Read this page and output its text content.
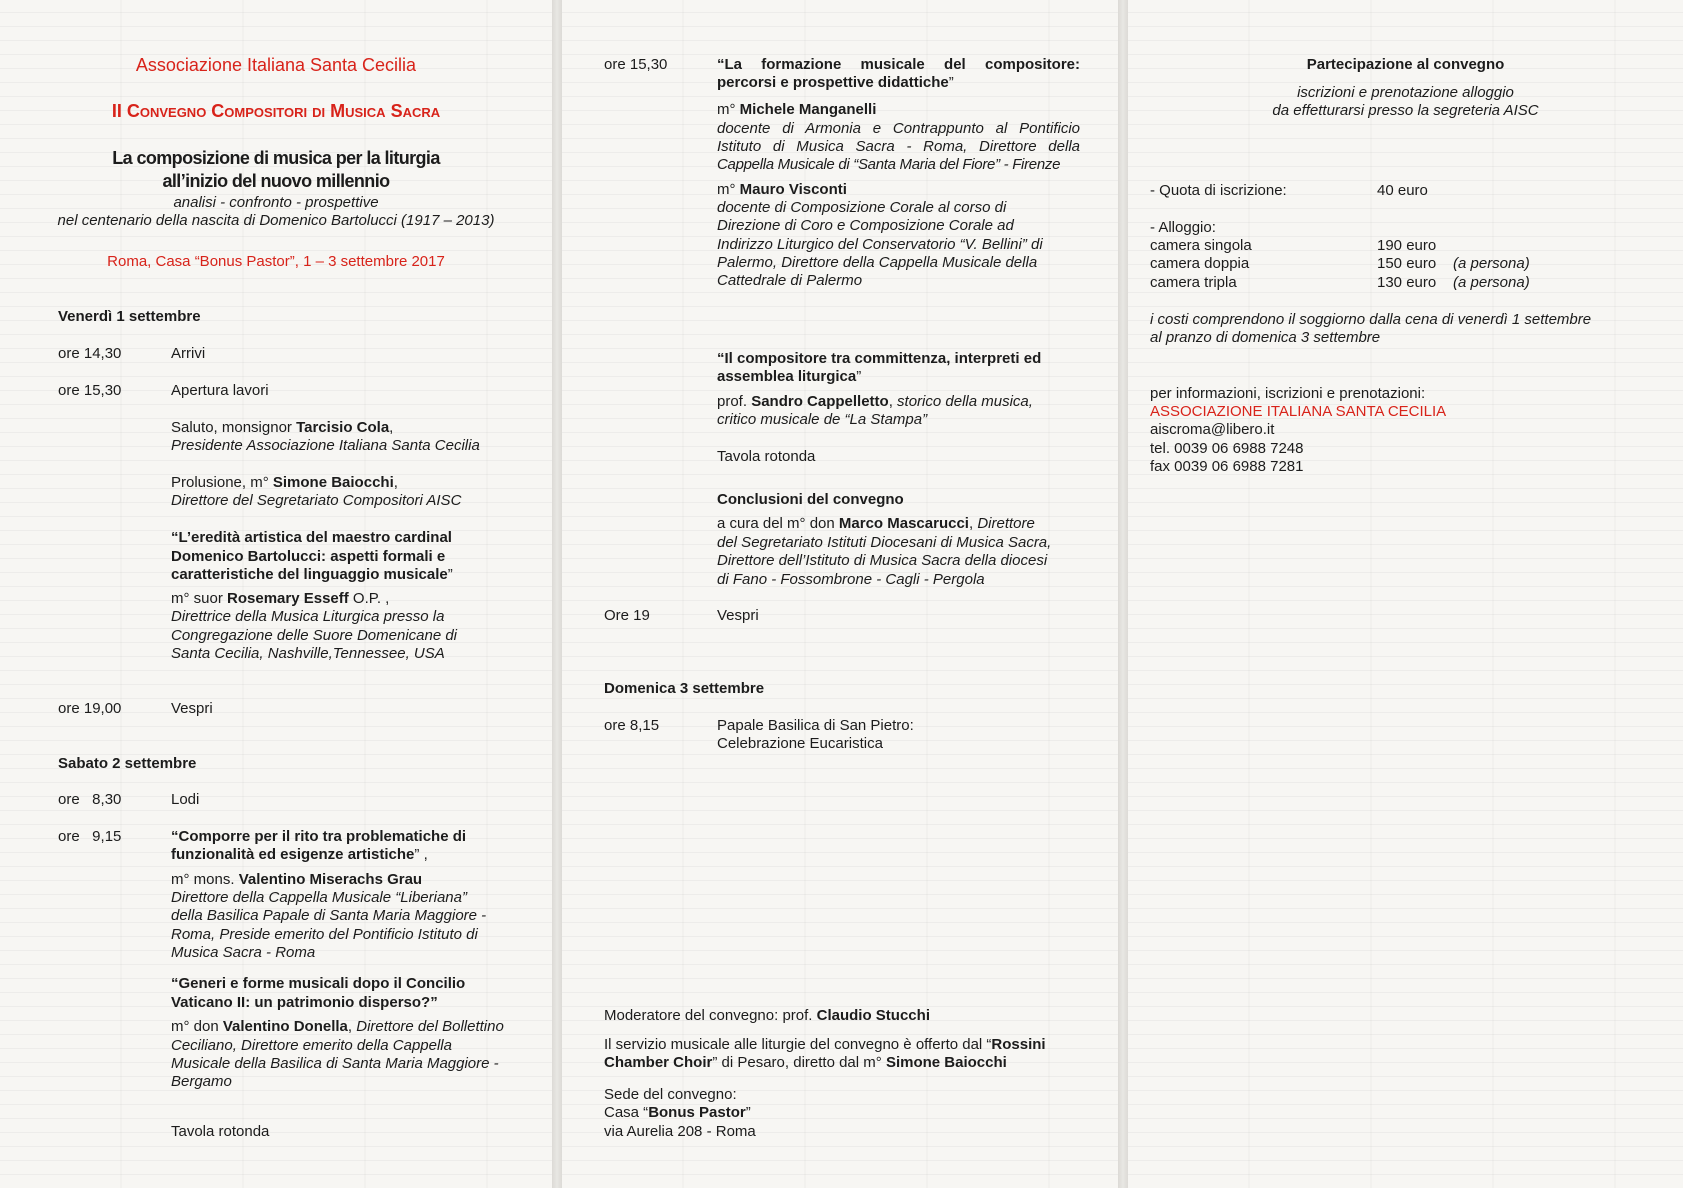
Associazione Italiana Santa Cecilia
II Convegno Compositori di Musica Sacra
La composizione di musica per la liturgia
all’inizio del nuovo millennio
analisi - confronto - prospettive
nel centenario della nascita di Domenico Bartolucci (1917 – 2013)
Roma, Casa “Bonus Pastor”, 1 – 3 settembre 2017
Venerdì 1 settembre
ore 14,30	Arrivi
ore 15,30	Apertura lavori
Saluto, monsignor Tarcisio Cola,
Presidente Associazione Italiana Santa Cecilia
Prolusione, m° Simone Baiocchi,
Direttore del Segretariato Compositori AISC
“L’eredità artistica del maestro cardinal
Domenico Bartolucci: aspetti formali e
caratteristiche del linguaggio musicale”
m° suor Rosemary Esseff O.P. ,
Direttrice della Musica Liturgica presso la
Congregazione delle Suore Domenicane di
Santa Cecilia, Nashville,Tennessee, USA
ore 19,00	Vespri
Sabato 2 settembre
ore   8,30	Lodi
ore   9,15	“Comporre per il rito tra problematiche di
funzionalità ed esigenze artistiche” ,
m° mons. Valentino Miserachs Grau
Direttore della Cappella Musicale “Liberiana”
della Basilica Papale di Santa Maria Maggiore -
Roma, Preside emerito del Pontificio Istituto di
Musica Sacra - Roma
“Generi e forme musicali dopo il Concilio
Vaticano II: un patrimonio disperso?”
m° don Valentino Donella, Direttore del Bollettino
Ceciliano, Direttore emerito della Cappella
Musicale della Basilica di Santa Maria Maggiore -
Bergamo
Tavola rotonda
ore 15,30	“La formazione musicale del compositore:
percorsi e prospettive didattiche”
m° Michele Manganelli
docente di Armonia e Contrappunto al Pontificio
Istituto di Musica Sacra - Roma, Direttore della
Cappella Musicale di “Santa Maria del Fiore” - Firenze
m° Mauro Visconti
docente di Composizione Corale al corso di
Direzione di Coro e Composizione Corale ad
Indirizzo Liturgico del Conservatorio “V. Bellini” di
Palermo, Direttore della Cappella Musicale della
Cattedrale di Palermo
“Il compositore tra committenza, interpreti ed
assemblea liturgica”
prof. Sandro Cappelletto, storico della musica,
critico musicale de “La Stampa”
Tavola rotonda
Conclusioni del convegno
a cura del m° don Marco Mascarucci, Direttore
del Segretariato Istituti Diocesani di Musica Sacra,
Direttore dell’Istituto di Musica Sacra della diocesi
di Fano - Fossombrone - Cagli - Pergola
Ore 19	Vespri
Domenica 3 settembre
ore 8,15	Papale Basilica di San Pietro:
Celebrazione Eucaristica
Moderatore del convegno: prof. Claudio Stucchi
Il servizio musicale alle liturgie del convegno è offerto dal “Rossini
Chamber Choir” di Pesaro, diretto dal m° Simone Baiocchi
Sede del convegno:
Casa “Bonus Pastor”
via Aurelia 208 - Roma
Partecipazione al convegno
iscrizioni e prenotazione alloggio
da effetturarsi presso la segreteria AISC
- Quota di iscrizione:	40 euro
- Alloggio:
camera singola	190 euro
camera doppia	150 euro (a persona)
camera tripla	130 euro (a persona)
i costi comprendono il soggiorno dalla cena di venerdì 1 settembre
al pranzo di domenica 3 settembre
per informazioni, iscrizioni e prenotazioni:
ASSOCIAZIONE ITALIANA SANTA CECILIA
aiscroma@libero.it
tel. 0039 06 6988 7248
fax 0039 06 6988 7281
